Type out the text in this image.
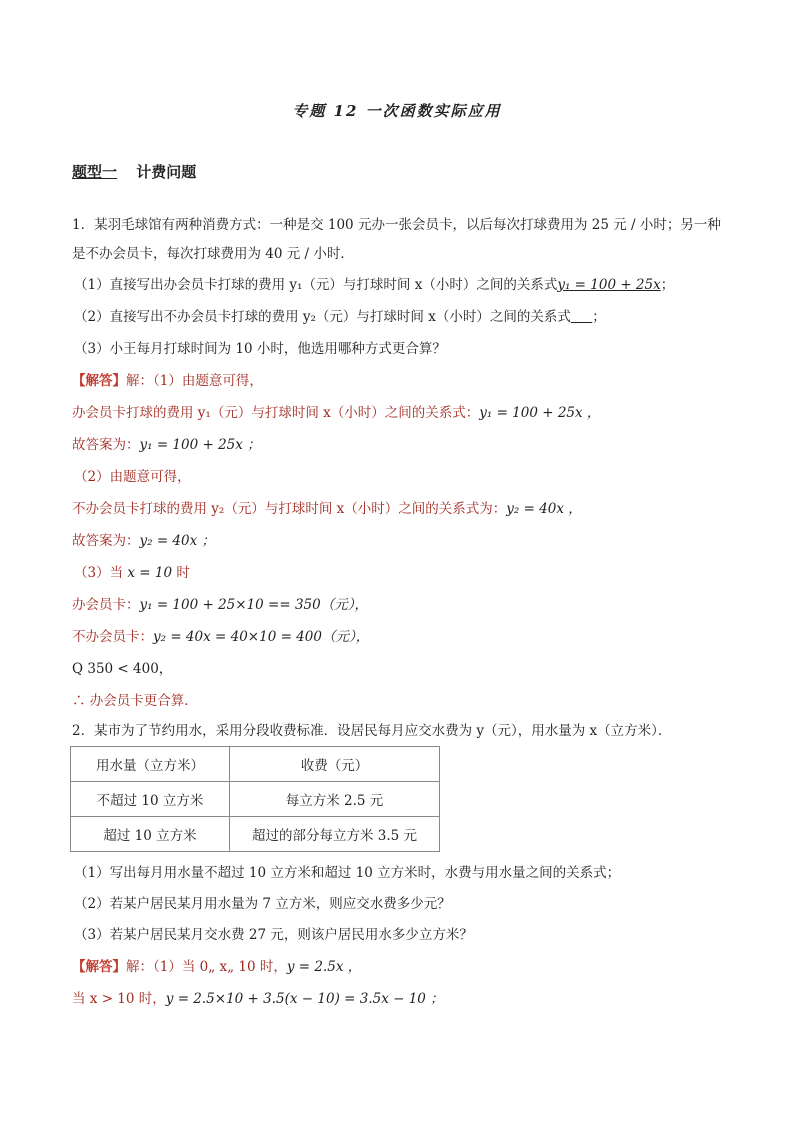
专题 12 一次函数实际应用
题型一 计费问题
1．某羽毛球馆有两种消费方式：一种是交 100 元办一张会员卡，以后每次打球费用为 25 元 / 小时；另一种
是不办会员卡，每次打球费用为 40 元 / 小时．
（1）直接写出办会员卡打球的费用 y₁（元）与打球时间 x（小时）之间的关系式y₁ = 100 + 25x；
（2）直接写出不办会员卡打球的费用 y₂（元）与打球时间 x（小时）之间的关系式 ；
（3）小王每月打球时间为 10 小时，他选用哪种方式更合算？
【解答】解：（1）由题意可得，
办会员卡打球的费用 y₁（元）与打球时间 x（小时）之间的关系式：y₁ = 100 + 25x ，
故答案为：y₁ = 100 + 25x ；
（2）由题意可得，
不办会员卡打球的费用 y₂（元）与打球时间 x（小时）之间的关系式为：y₂ = 40x ，
故答案为：y₂ = 40x ；
（3）当 x = 10 时
办会员卡：y₁ = 100 + 25×10 == 350（元），
不办会员卡：y₂ = 40x = 40×10 = 400（元），
Q 350 < 400，
∴ 办会员卡更合算．
2．某市为了节约用水，采用分段收费标准．设居民每月应交水费为 y（元），用水量为 x（立方米）．
用水量（立方米）	收费（元）
不超过 10 立方米	每立方米 2.5 元
超过 10 立方米	超过的部分每立方米 3.5 元
（1）写出每月用水量不超过 10 立方米和超过 10 立方米时，水费与用水量之间的关系式；
（2）若某户居民某月用水量为 7 立方米，则应交水费多少元？
（3）若某户居民某月交水费 27 元，则该户居民用水多少立方米？
【解答】解：（1）当 0„ x„ 10 时，y = 2.5x ，
当 x > 10 时，y = 2.5×10 + 3.5(x − 10) = 3.5x − 10 ；
